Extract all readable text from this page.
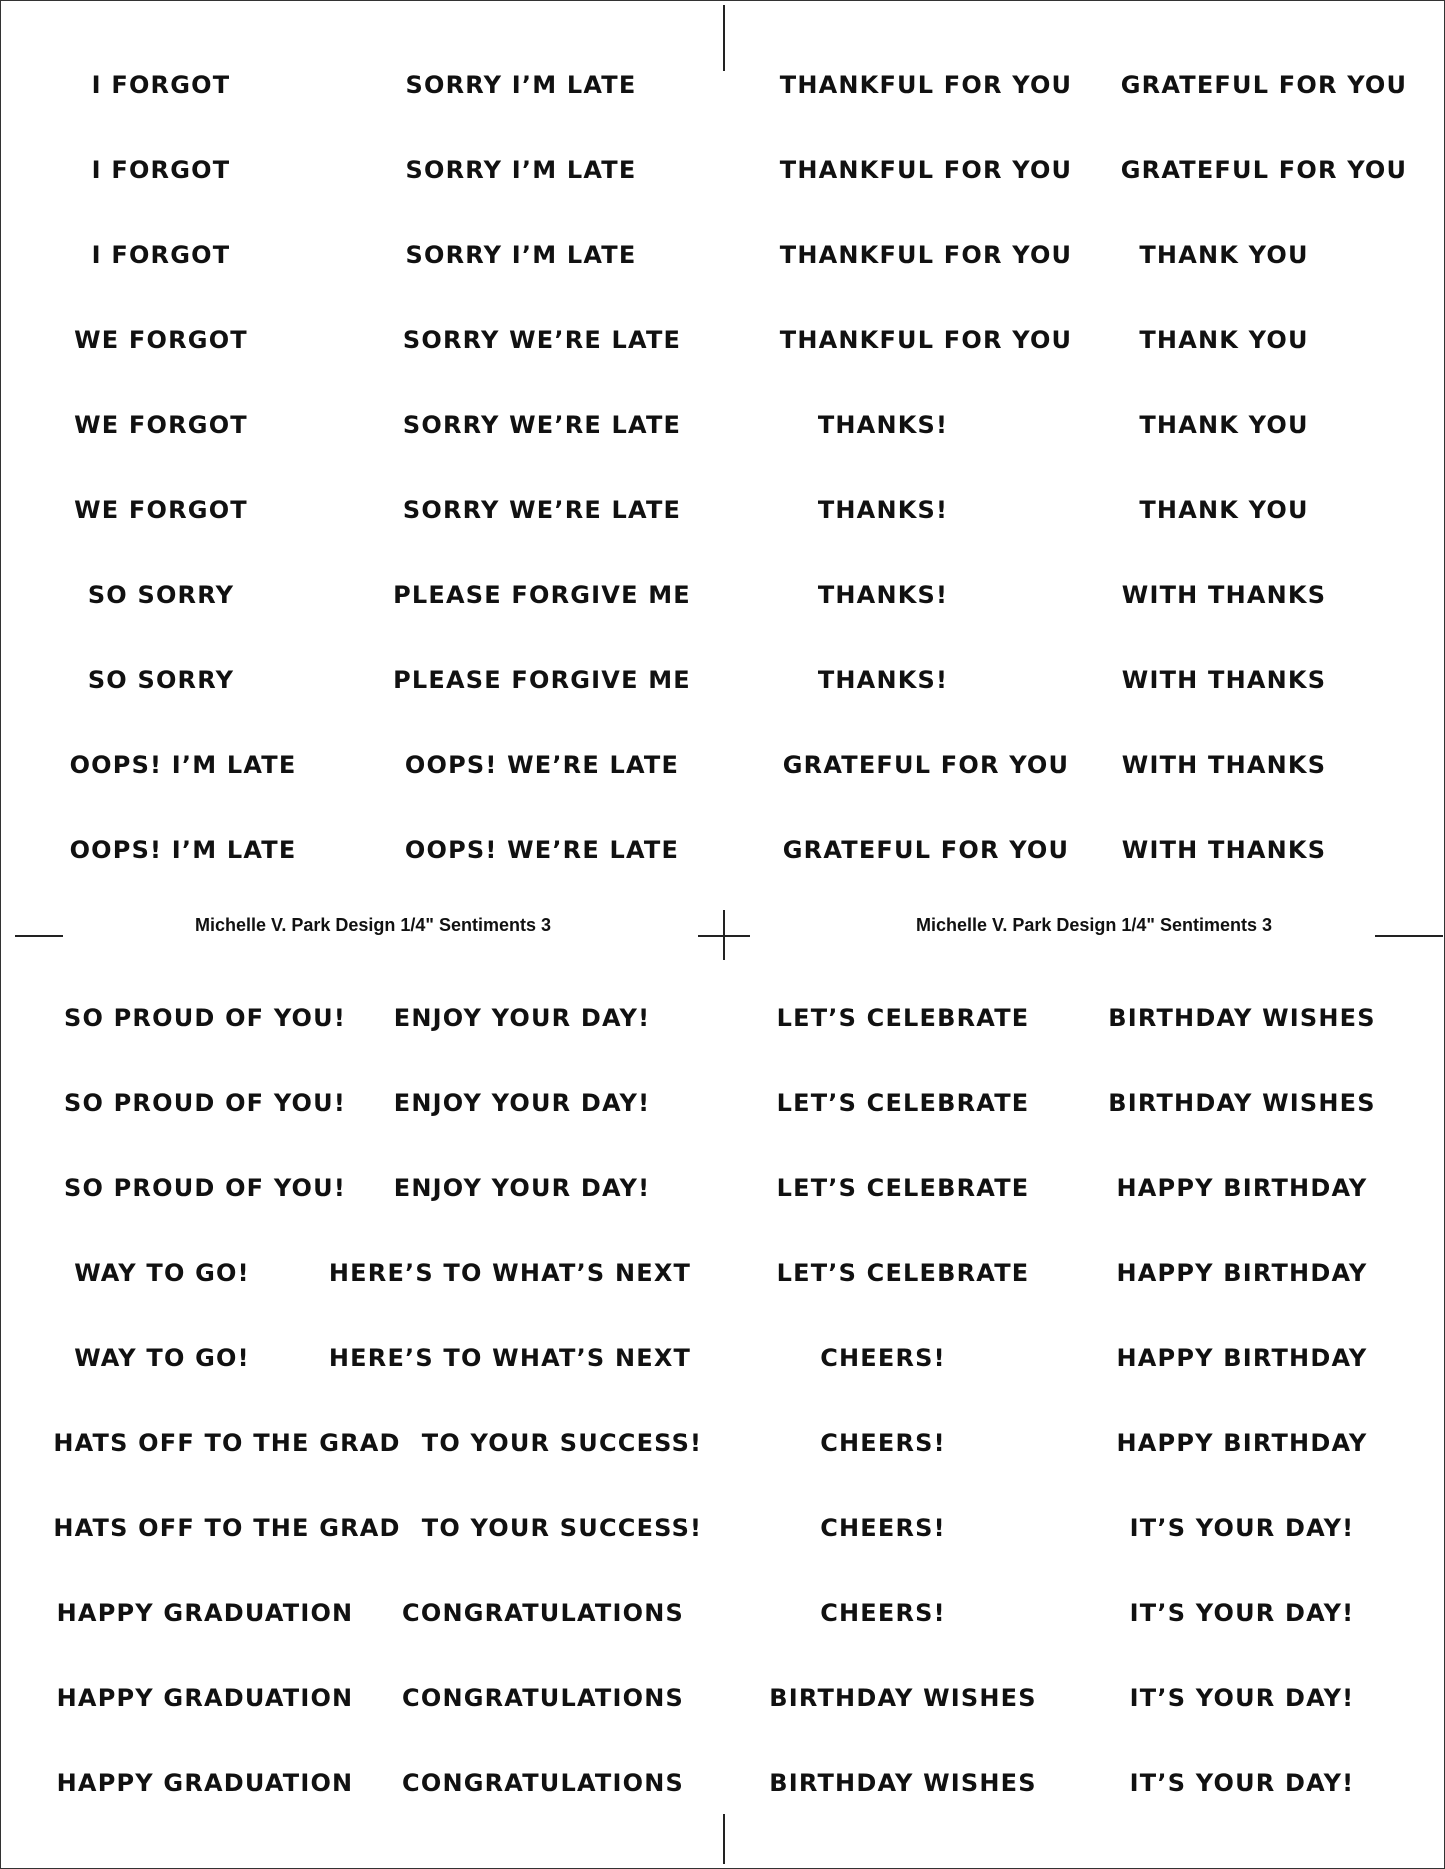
Michelle V. Park Design 1/4" Sentiments 3	Michelle V. Park Design 1/4" Sentiments 3
I FORGOT
I FORGOT
I FORGOT
WE FORGOT
WE FORGOT
WE FORGOT
SO SORRY
SO SORRY
OOPS! I’M LATE
OOPS! I’M LATE
SORRY I’M LATE
SORRY I’M LATE
SORRY I’M LATE
SORRY WE’RE LATE
SORRY WE’RE LATE
SORRY WE’RE LATE
PLEASE FORGIVE ME
PLEASE FORGIVE ME
OOPS! WE’RE LATE
OOPS! WE’RE LATE
THANKFUL FOR YOU
THANKFUL FOR YOU
THANKFUL FOR YOU
THANKFUL FOR YOU
THANKS!
THANKS!
THANKS!
THANKS!
GRATEFUL FOR YOU
GRATEFUL FOR YOU
GRATEFUL FOR YOU
GRATEFUL FOR YOU
THANK YOU
THANK YOU
THANK YOU
THANK YOU
WITH THANKS
WITH THANKS
WITH THANKS
WITH THANKS
SO PROUD OF YOU!
SO PROUD OF YOU!
SO PROUD OF YOU!
WAY TO GO!
WAY TO GO!
HATS OFF TO THE GRAD
HATS OFF TO THE GRAD
HAPPY GRADUATION
HAPPY GRADUATION
HAPPY GRADUATION
ENJOY YOUR DAY!
ENJOY YOUR DAY!
ENJOY YOUR DAY!
HERE’S TO WHAT’S NEXT
HERE’S TO WHAT’S NEXT
TO YOUR SUCCESS!
TO YOUR SUCCESS!
CONGRATULATIONS
CONGRATULATIONS
CONGRATULATIONS
LET’S CELEBRATE
LET’S CELEBRATE
LET’S CELEBRATE
LET’S CELEBRATE
CHEERS!
CHEERS!
CHEERS!
CHEERS!
BIRTHDAY WISHES
BIRTHDAY WISHES
BIRTHDAY WISHES
BIRTHDAY WISHES
HAPPY BIRTHDAY
HAPPY BIRTHDAY
HAPPY BIRTHDAY
HAPPY BIRTHDAY
IT’S YOUR DAY!
IT’S YOUR DAY!
IT’S YOUR DAY!
IT’S YOUR DAY!
